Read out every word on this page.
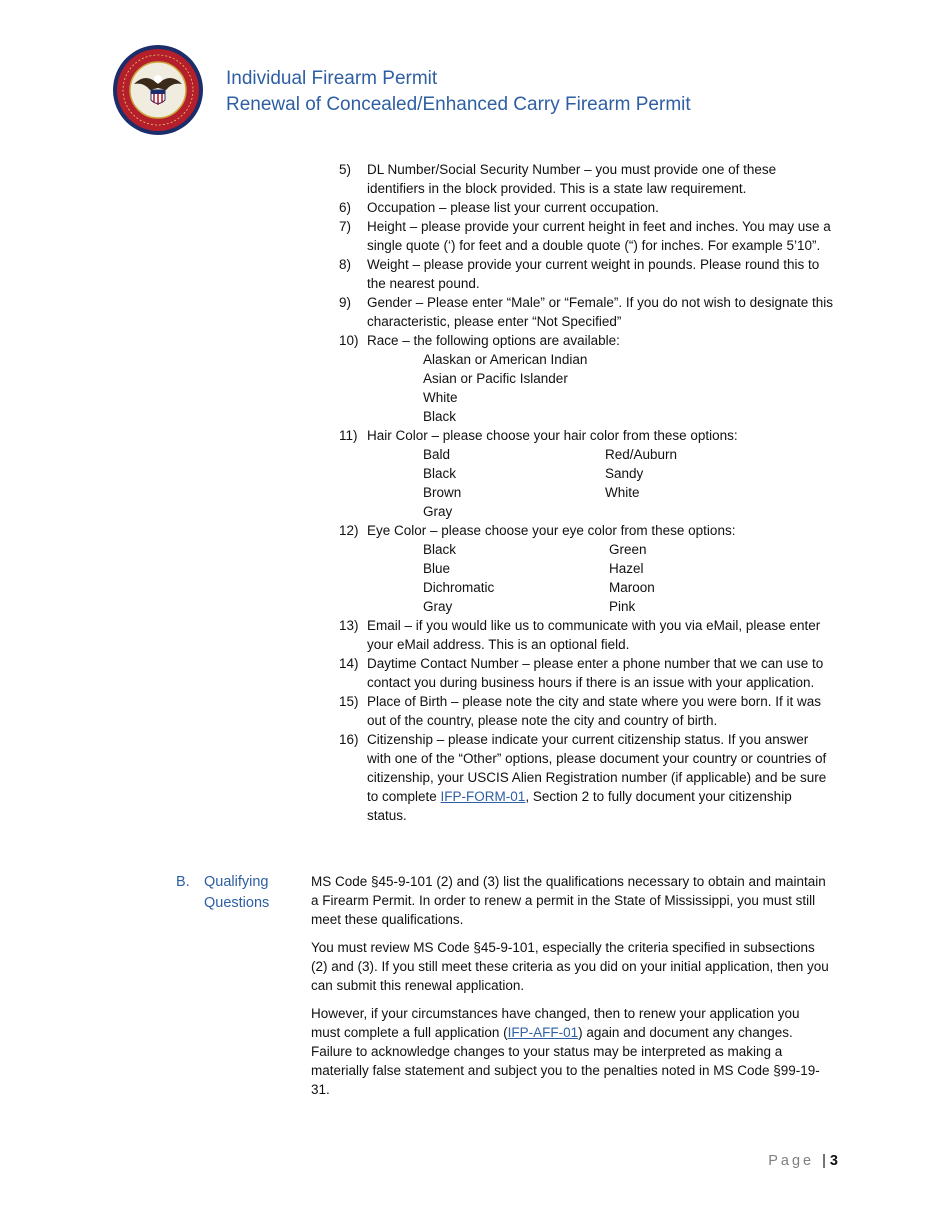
Individual Firearm Permit
Renewal of Concealed/Enhanced Carry Firearm Permit
5) DL Number/Social Security Number – you must provide one of these identifiers in the block provided. This is a state law requirement.
6) Occupation – please list your current occupation.
7) Height – please provide your current height in feet and inches. You may use a single quote (‘) for feet and a double quote (“) for inches. For example 5’10”.
8) Weight – please provide your current weight in pounds. Please round this to the nearest pound.
9) Gender – Please enter “Male” or “Female”. If you do not wish to designate this characteristic, please enter “Not Specified”
10) Race – the following options are available:
Alaskan or American Indian
Asian or Pacific Islander
White
Black
11) Hair Color – please choose your hair color from these options:
Bald	Red/Auburn
Black	Sandy
Brown	White
Gray
12) Eye Color – please choose your eye color from these options:
Black	Green
Blue	Hazel
Dichromatic	Maroon
Gray	Pink
13) Email – if you would like us to communicate with you via eMail, please enter your eMail address. This is an optional field.
14) Daytime Contact Number – please enter a phone number that we can use to contact you during business hours if there is an issue with your application.
15) Place of Birth – please note the city and state where you were born. If it was out of the country, please note the city and country of birth.
16) Citizenship – please indicate your current citizenship status. If you answer with one of the “Other” options, please document your country or countries of citizenship, your USCIS Alien Registration number (if applicable) and be sure to complete IFP-FORM-01, Section 2 to fully document your citizenship status.
B. Qualifying Questions

MS Code §45-9-101 (2) and (3) list the qualifications necessary to obtain and maintain a Firearm Permit. In order to renew a permit in the State of Mississippi, you must still meet these qualifications.

You must review MS Code §45-9-101, especially the criteria specified in subsections (2) and (3). If you still meet these criteria as you did on your initial application, then you can submit this renewal application.

However, if your circumstances have changed, then to renew your application you must complete a full application (IFP-AFF-01) again and document any changes. Failure to acknowledge changes to your status may be interpreted as making a materially false statement and subject you to the penalties noted in MS Code §99-19-31.

Page | 3
